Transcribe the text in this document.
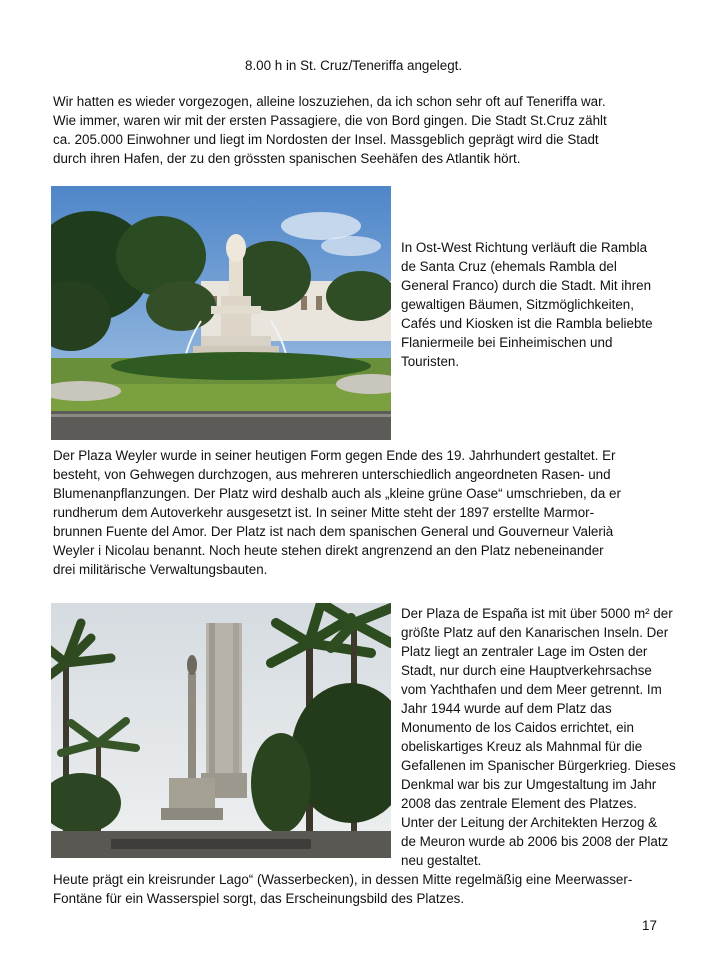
8.00 h in St. Cruz/Teneriffa angelegt.
Wir hatten es wieder vorgezogen, alleine loszuziehen, da ich schon sehr oft auf Teneriffa war.
Wie immer, waren wir mit der ersten Passagiere, die von Bord gingen. Die Stadt St.Cruz zählt
ca. 205.000 Einwohner und liegt im Nordosten der Insel. Massgeblich geprägt wird die Stadt
durch ihren Hafen, der zu den grössten spanischen Seehäfen des Atlantik hört.
In Ost-West Richtung verläuft die Rambla
de Santa Cruz (ehemals Rambla del
General Franco) durch die Stadt. Mit ihren
gewaltigen Bäumen, Sitzmöglichkeiten,
Cafés und Kiosken ist die Rambla beliebte
Flaniermeile bei Einheimischen und
Touristen.
Der Plaza Weyler wurde in seiner heutigen Form gegen Ende des 19. Jahrhundert gestaltet. Er
besteht, von Gehwegen durchzogen, aus mehreren unterschiedlich angeordneten Rasen- und
Blumenanpflanzungen. Der Platz wird deshalb auch als „kleine grüne Oase“ umschrieben, da er
rundherum dem Autoverkehr ausgesetzt ist. In seiner Mitte steht der 1897 erstellte Marmor-
brunnen Fuente del Amor. Der Platz ist nach dem spanischen General und Gouverneur Valerià
Weyler i Nicolau benannt. Noch heute stehen direkt angrenzend an den Platz nebeneinander
drei militärische Verwaltungsbauten.
Der Plaza de España ist mit über 5000 m² der
größte Platz auf den Kanarischen Inseln. Der
Platz liegt an zentraler Lage im Osten der
Stadt, nur durch eine Hauptverkehrsachse
vom Yachthafen und dem Meer getrennt. Im
Jahr 1944 wurde auf dem Platz das
Monumento de los Caidos errichtet, ein
obeliskartiges Kreuz als Mahnmal für die
Gefallenen im Spanischer Bürgerkrieg. Dieses
Denkmal war bis zur Umgestaltung im Jahr
2008 das zentrale Element des Platzes.
Unter der Leitung der Architekten Herzog &
de Meuron wurde ab 2006 bis 2008 der Platz
neu gestaltet.
Heute prägt ein kreisrunder Lago“ (Wasserbecken), in dessen Mitte regelmäßig eine Meerwasser-
Fontäne für ein Wasserspiel sorgt, das Erscheinungsbild des Platzes.
17
